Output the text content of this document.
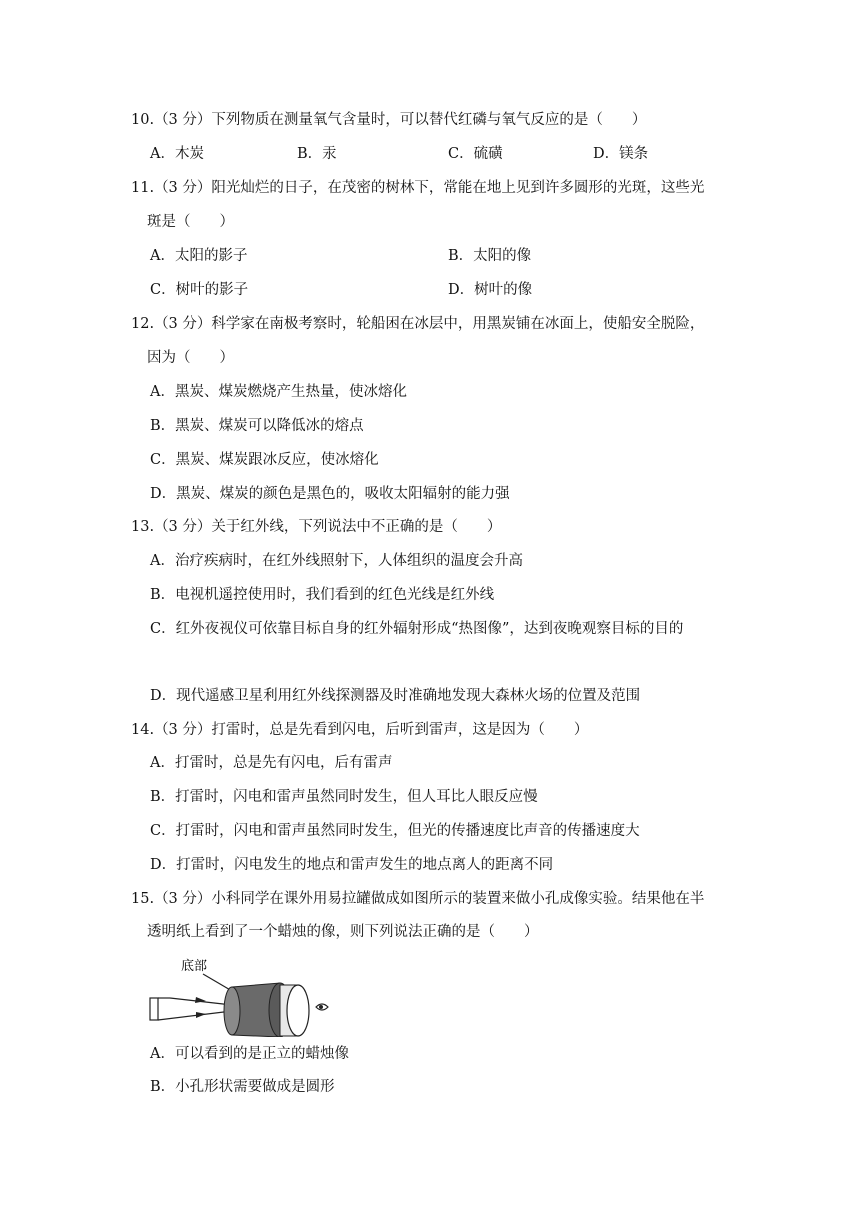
10.（3 分）下列物质在测量氧气含量时，可以替代红磷与氧气反应的是（　　）
A．木炭	B．汞	C．硫磺	D．镁条
11.（3 分）阳光灿烂的日子，在茂密的树林下，常能在地上见到许多圆形的光斑，这些光
斑是（　　）
A．太阳的影子	B．太阳的像
C．树叶的影子	D．树叶的像
12.（3 分）科学家在南极考察时，轮船困在冰层中，用黑炭铺在冰面上，使船安全脱险，
因为（　　）
A．黑炭、煤炭燃烧产生热量，使冰熔化
B．黑炭、煤炭可以降低冰的熔点
C．黑炭、煤炭跟冰反应，使冰熔化
D．黑炭、煤炭的颜色是黑色的，吸收太阳辐射的能力强
13.（3 分）关于红外线，下列说法中不正确的是（　　）
A．治疗疾病时，在红外线照射下，人体组织的温度会升高
B．电视机遥控使用时，我们看到的红色光线是红外线
C．红外夜视仪可依靠目标自身的红外辐射形成“热图像”，达到夜晚观察目标的目的
D．现代遥感卫星利用红外线探测器及时准确地发现大森林火场的位置及范围
14.（3 分）打雷时，总是先看到闪电，后听到雷声，这是因为（　　）
A．打雷时，总是先有闪电，后有雷声
B．打雷时，闪电和雷声虽然同时发生，但人耳比人眼反应慢
C．打雷时，闪电和雷声虽然同时发生，但光的传播速度比声音的传播速度大
D．打雷时，闪电发生的地点和雷声发生的地点离人的距离不同
15.（3 分）小科同学在课外用易拉罐做成如图所示的装置来做小孔成像实验。结果他在半
透明纸上看到了一个蜡烛的像，则下列说法正确的是（　　）
底部
A．可以看到的是正立的蜡烛像
B．小孔形状需要做成是圆形
